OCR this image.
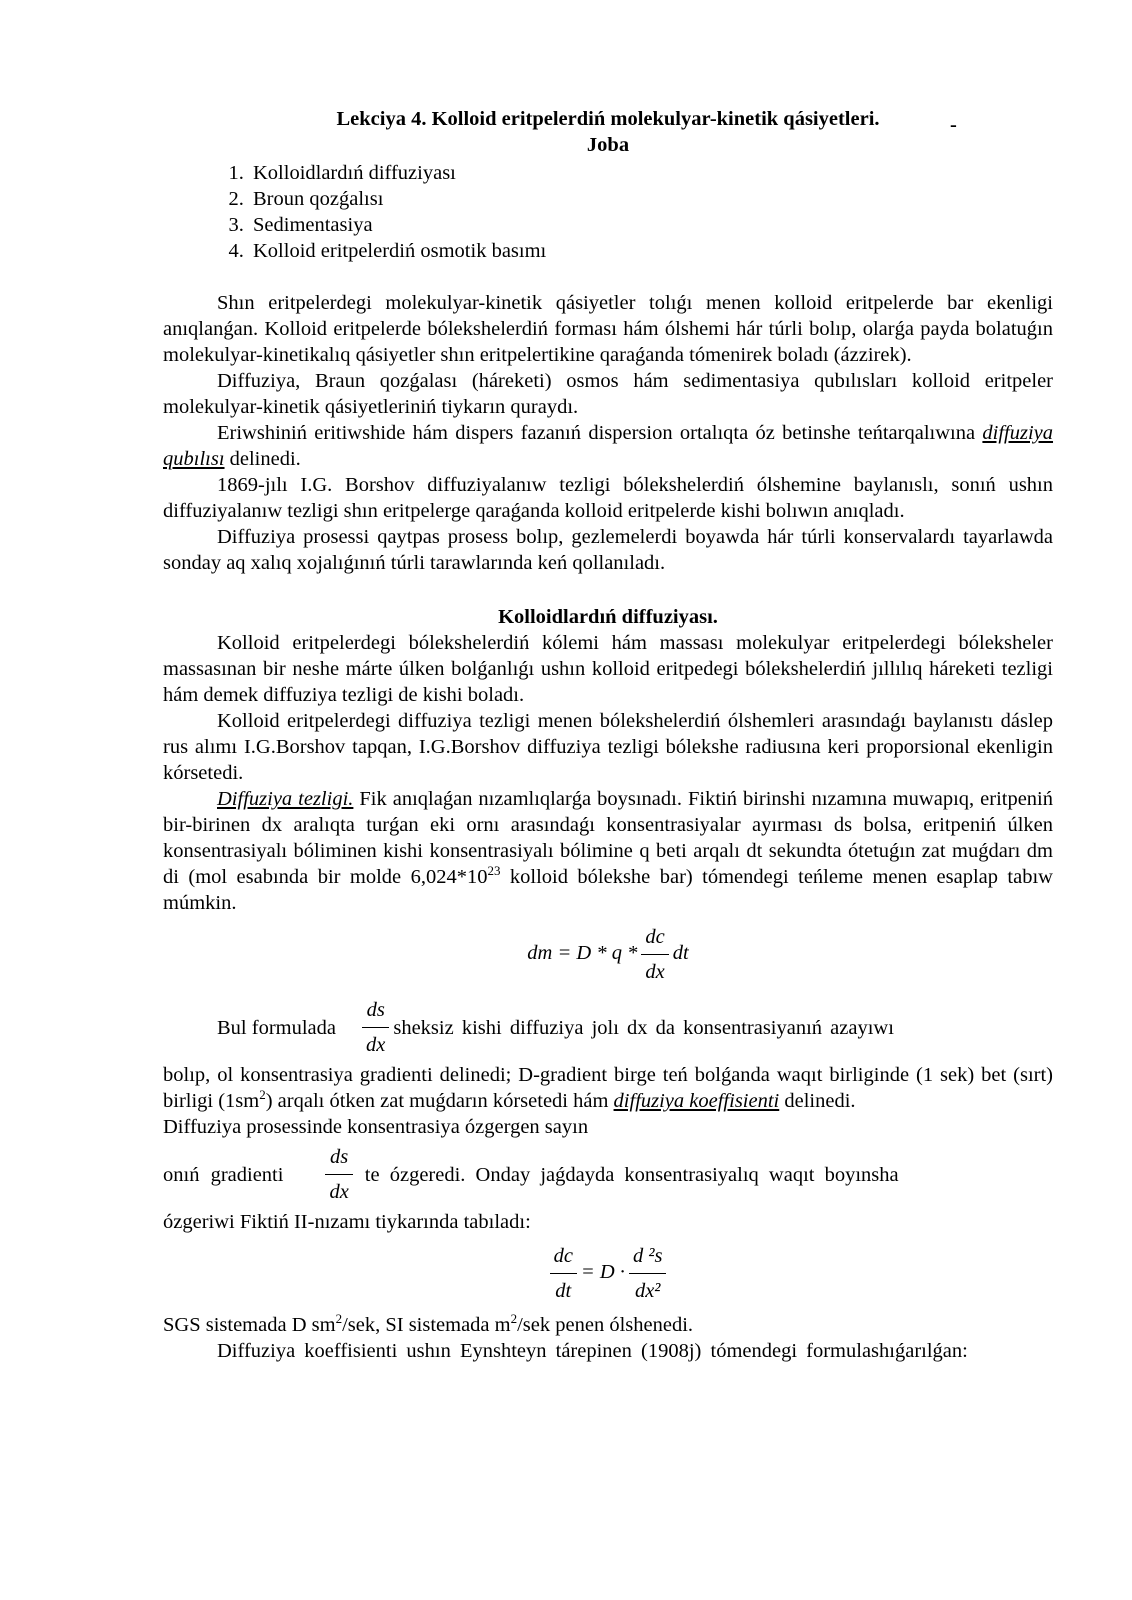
-

Lekciya 4. Kolloid eritpelerdiń molekulyar-kinetik qásiyetleri.

Joba

1. Kolloidlardıń diffuziyası
2. Broun qozǵalısı
3. Sedimentasiya
4. Kolloid eritpelerdiń osmotik basımı

Shın eritpelerdegi molekulyar-kinetik qásiyetler tolıǵı menen kolloid eritpelerde bar ekenligi anıqlanǵan. Kolloid eritpelerde bólekshelerdiń forması hám ólshemi hár túrli bolıp, olarǵa payda bolatuǵın molekulyar-kinetikalıq qásiyetler shın eritpelertikine qaraǵanda tómenirek boladı (ázzirek).

Diffuziya, Braun qozǵalası (háreketi) osmos hám sedimentasiya qubılısları kolloid eritpeler molekulyar-kinetik qásiyetleriniń tiykarın quraydı.

Eriwshiniń eritiwshide hám dispers fazanıń dispersion ortalıqta óz betinshe teńtarqalıwına diffuziya qubılısı delinedi.

1869-jılı I.G. Borshov diffuziyalanıw tezligi bólekshelerdiń ólshemine baylanıslı, sonıń ushın diffuziyalanıw tezligi shın eritpelerge qaraǵanda kolloid eritpelerde kishi bolıwın anıqladı.

Diffuziya prosessi qaytpas prosess bolıp, gezlemelerdi boyawda hár túrli konservalardı tayarlawda sonday aq xalıq xojalıǵınıń túrli tarawlarında keń qollanıladı.

Kolloidlardıń diffuziyası.

Kolloid eritpelerdegi bólekshelerdiń kólemi hám massası molekulyar eritpelerdegi bóleksheler massasınan bir neshe márte úlken bolǵanlıǵı ushın kolloid eritpedegi bólekshelerdiń jıllılıq háreketi tezligi hám demek diffuziya tezligi de kishi boladı.

Kolloid eritpelerdegi diffuziya tezligi menen bólekshelerdiń ólshemleri arasındaǵı baylanıstı dáslep rus alımı I.G.Borshov tapqan, I.G.Borshov diffuziya tezligi bólekshe radiusına keri proporsional ekenligin kórsetedi.

Diffuziya tezligi. Fik anıqlaǵan nızamlıqlarǵa boysınadı. Fiktiń birinshi nızamına muwapıq, eritpeniń bir-birinen dx aralıqta turǵan eki ornı arasındaǵı konsentrasiyalar ayırması ds bolsa, eritpeniń úlken konsentrasiyalı bóliminen kishi konsentrasiyalı bólimine q beti arqalı dt sekundta ótetuǵın zat muǵdarı dm di (mol esabında bir molde $6,024*10^{23}$ kolloid bólekshe bar) tómendegi teńleme menen esaplap tabıw múmkin.

dm = D * q * $\frac{dc}{dx}$ dt
Bul formulada $\frac{ds}{dx}$ sheksiz kishi diffuziya jolı dx da konsentrasiyanıń azayıwı

bolıp, ol konsentrasiya gradienti delinedi; D-gradient birge teń bolǵanda waqıt birliginde (1 sek) bet (sırt) birligi $(1sm^2)$ arqalı ótken zat muǵdarın kórsetedi hám diffuziya koeffisienti delinedi.

Diffuziya prosessinde konsentrasiya ózgergen sayın

onıń gradienti $\frac{ds}{dx}$ te ózgeredi. Onday jaǵdayda konsentrasiyalıq waqıt boyınsha

ózgeriwi Fiktiń II-nızamı tiykarında tabıladı:

$\frac{dc}{dt} = D \cdot \frac{\text{d ²s}}{\text{dx²}}$

SGS sistemada D $sm^2$/sek, SI sistemada $m^2$/sek penen ólshenedi.

Diffuziya koeffisienti ushın Eynshteyn tárepinen (1908j) tómendegi formulashıǵarılǵan:
